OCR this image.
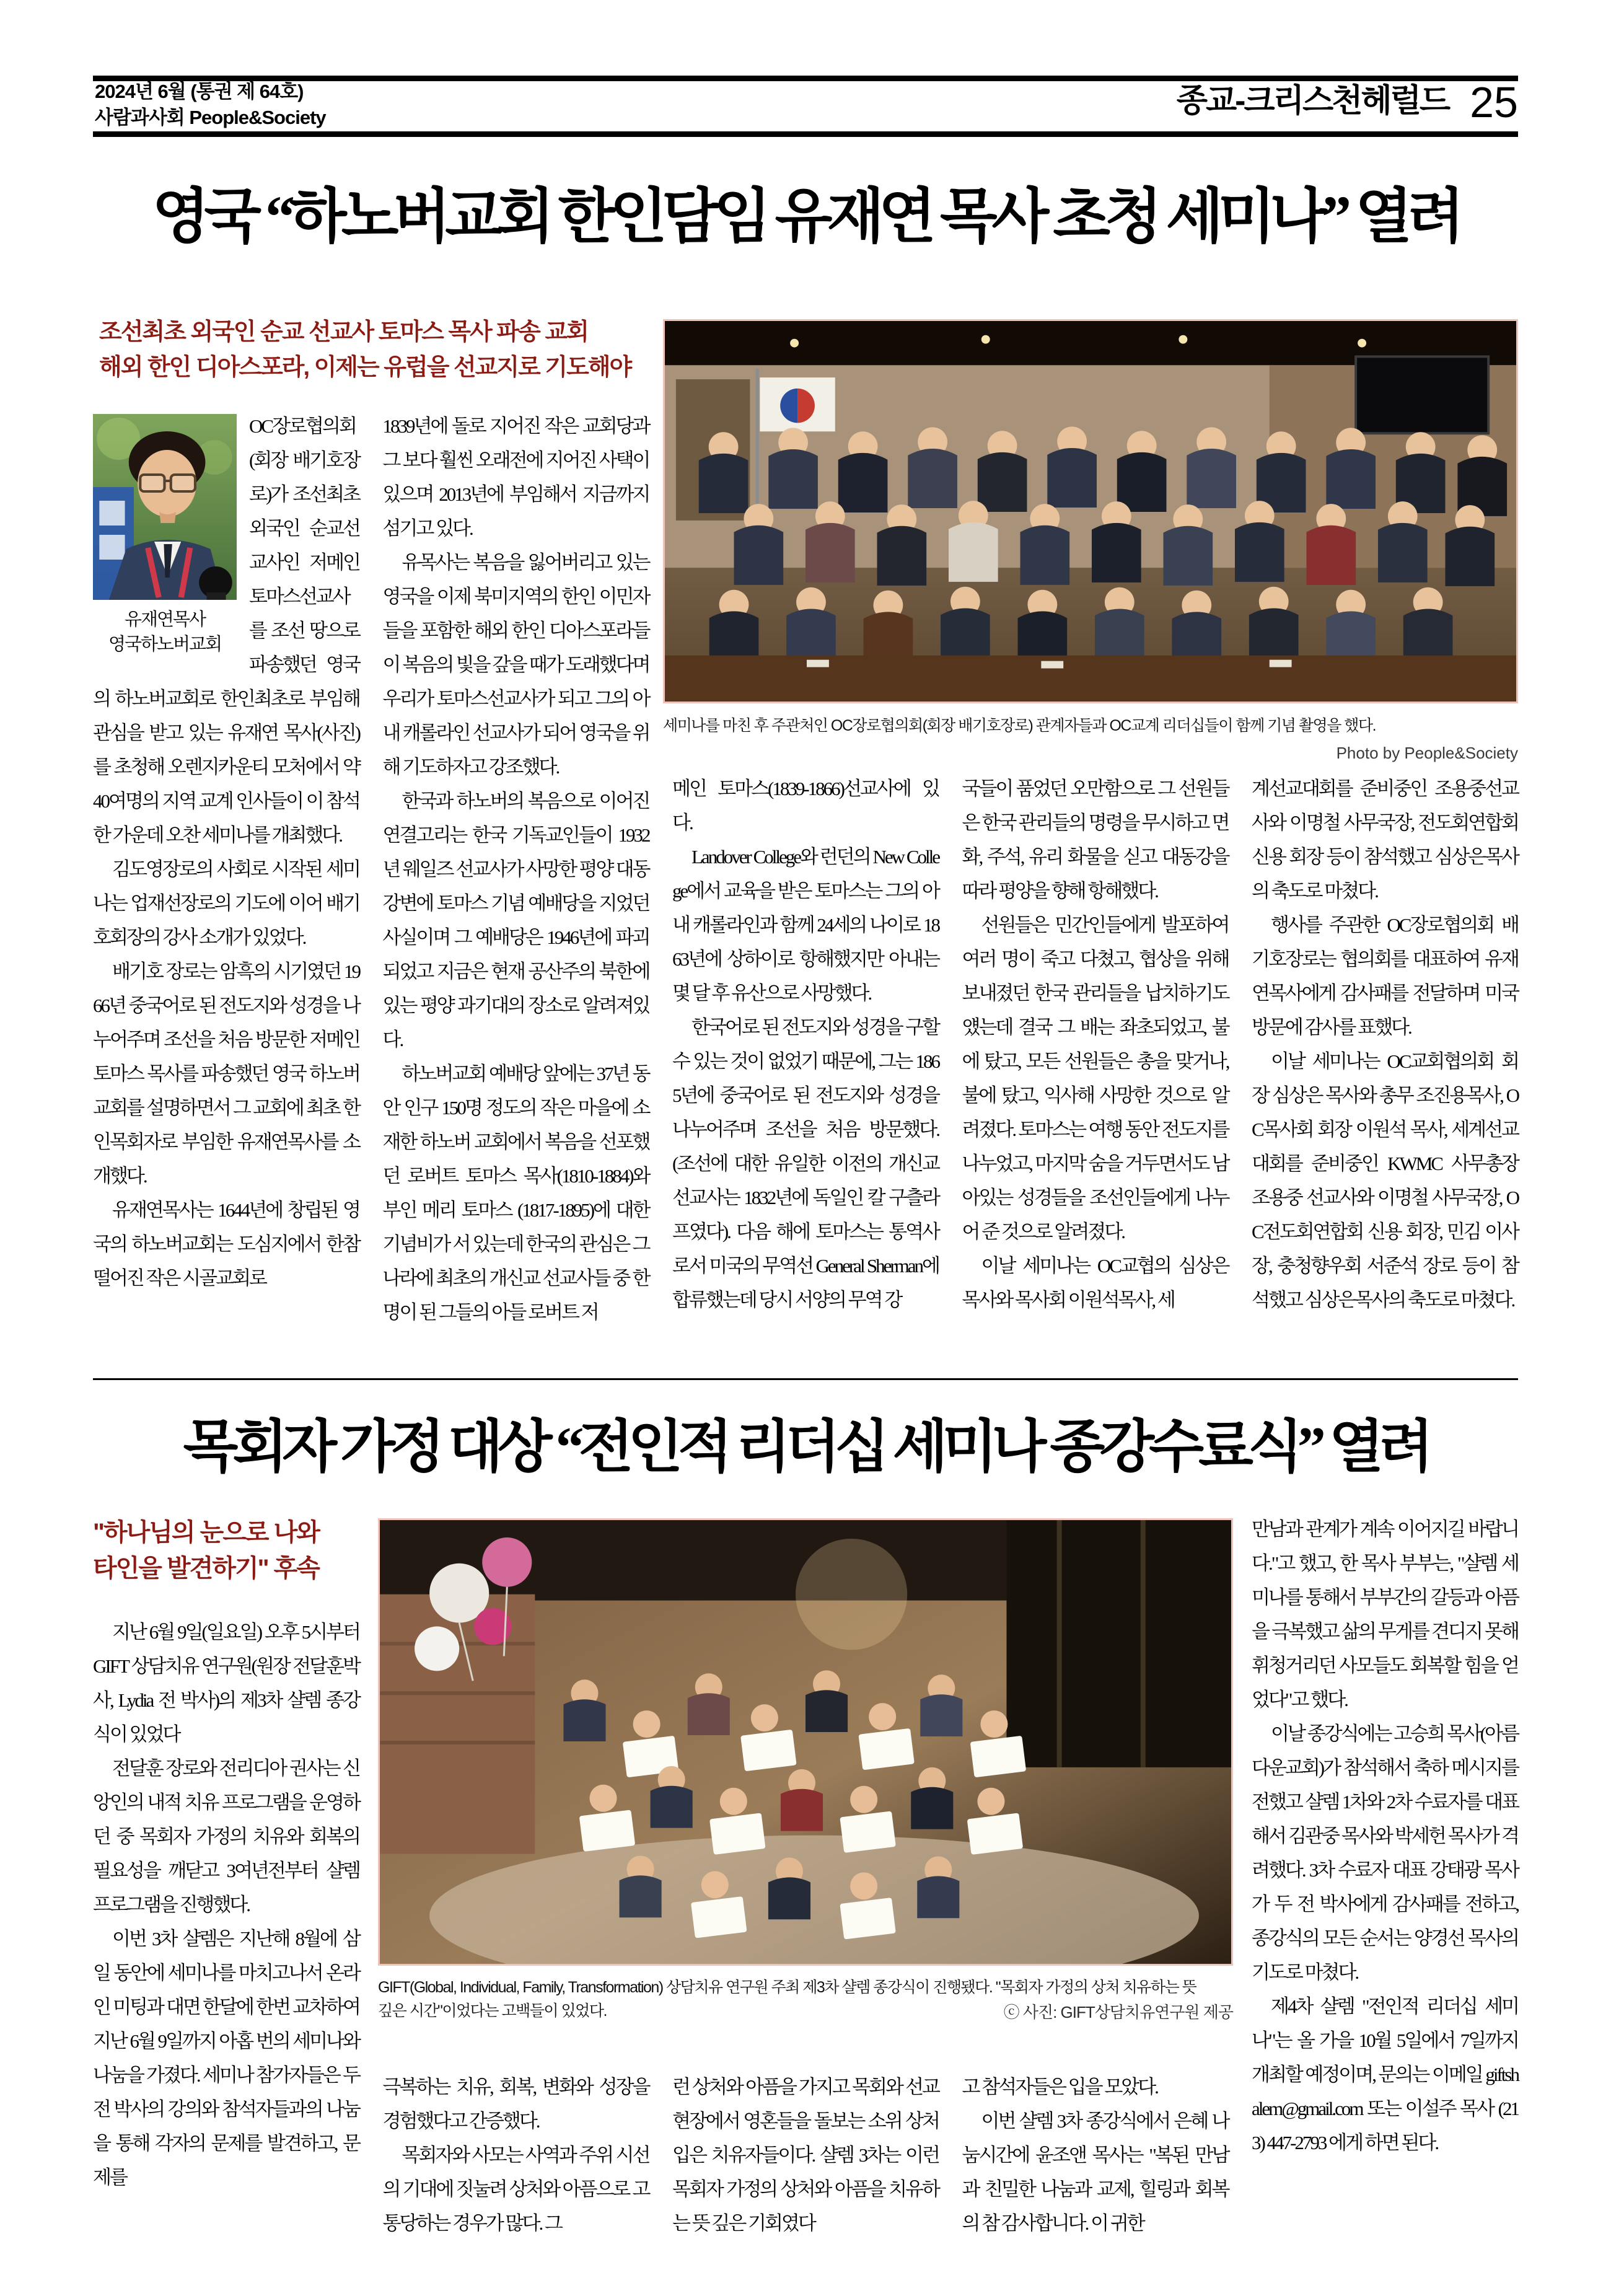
2024년 6월 (통권 제 64호)
사람과사회 People&Society	종교-크리스천헤럴드 25
영국 “하노버교회 한인담임 유재연 목사 초청 세미나” 열려
조선최초 외국인 순교 선교사 토마스 목사 파송 교회
해외 한인 디아스포라, 이제는 유럽을 선교지로 기도해야
세미나를 마친 후 주관처인 OC장로협의회(회장 배기호장로) 관계자들과 OC교계 리더십들이 함께 기념 촬영을 했다.
Photo by People&Society

유재연목사
영국하노버교회
OC장로협의회(회장 배기호장로)가 조선최초 외국인 순교선교사인 저메인 토마스선교사를 조선 땅으로 파송했던 영국의 하노버교회로 한인최초로 부임해 관심을 받고 있는 유재연 목사(사진)를 초청해 오렌지카운티 모처에서 약 40여명의 지역 교계 인사들이 이 참석한 가운데 오찬 세미나를 개최했다.

김도영장로의 사회로 시작된 세미나는 업재선장로의 기도에 이어 배기호회장의 강사 소개가 있었다.

배기호 장로는 암흑의 시기였던 1966년 중국어로 된 전도지와 성경을 나누어주며 조선을 처음 방문한 저메인 토마스 목사를 파송했던 영국 하노버교회를 설명하면서 그 교회에 최초 한인목회자로 부임한 유재연목사를 소개했다.

유재연목사는 1644년에 창립된 영국의 하노버교회는 도심지에서 한참 떨어진 작은 시골교회로

1839년에 돌로 지어진 작은 교회당과 그 보다 훨씬 오래전에 지어진 사택이 있으며 2013년에 부임해서 지금까지 섬기고 있다.

유목사는 복음을 잃어버리고 있는 영국을 이제 북미지역의 한인 이민자들을 포함한 해외 한인 디아스포라들이 복음의 빛을 갚을 때가 도래했다며 우리가 토마스선교사가 되고 그의 아내 캐롤라인 선교사가 되어 영국을 위해 기도하자고 강조했다.

한국과 하노버의 복음으로 이어진 연결고리는 한국 기독교인들이 1932년 웨일즈 선교사가 사망한 평양 대동강변에 토마스 기념 예배당을 지었던 사실이며 그 예배당은 1946년에 파괴되었고 지금은 현재 공산주의 북한에 있는 평양 과기대의 장소로 알려져있다.

하노버교회 예배당 앞에는 37년 동안 인구 150명 정도의 작은 마을에 소재한 하노버 교회에서 복음을 선포했던 로버트 토마스 목사(1810-1884)와 부인 메리 토마스 (1817-1895)에 대한 기념비가 서 있는데 한국의 관심은 그 나라에 최초의 개신교 선교사들 중 한 명이 된 그들의 아들 로버트 저

메인 토마스(1839-1866)선교사에 있다.

Landover College와 런던의 New College에서 교육을 받은 토마스는 그의 아내 캐롤라인과 함께 24세의 나이로 1863년에 상하이로 항해했지만 아내는 몇 달 후 유산으로 사망했다.

한국어로 된 전도지와 성경을 구할 수 있는 것이 없었기 때문에, 그는 1865년에 중국어로 된 전도지와 성경을 나누어주며 조선을 처음 방문했다. (조선에 대한 유일한 이전의 개신교 선교사는 1832년에 독일인 칼 구츨라프였다). 다음 해에 토마스는 통역사로서 미국의 무역선 General Sherman에 합류했는데 당시 서양의 무역 강

국들이 품었던 오만함으로 그 선원들은 한국 관리들의 명령을 무시하고 면화, 주석, 유리 화물을 싣고 대동강을 따라 평양을 향해 항해했다.

선원들은 민간인들에게 발포하여 여러 명이 죽고 다쳤고, 협상을 위해 보내졌던 한국 관리들을 납치하기도 얬는데 결국 그 배는 좌초되었고, 불에 탔고, 모든 선원들은 총을 맞거나, 불에 탔고, 익사해 사망한 것으로 알려졌다. 토마스는 여행 동안 전도지를 나누었고, 마지막 숨을 거두면서도 남아있는 성경들을 조선인들에게 나누어 준 것으로 알려졌다.

이날 세미나는 OC교협의 심상은 목사와 목사회 이원석목사, 세

계선교대회를 준비중인 조용중선교사와 이명철 사무국장, 전도회연합회 신용 회장 등이 참석했고 심상은목사의 축도로 마쳤다.

행사를 주관한 OC장로협의회 배기호장로는 협의회를 대표하여 유재연목사에게 감사패를 전달하며 미국 방문에 감사를 표했다.

이날 세미나는 OC교회협의회 회장 심상은 목사와 총무 조진용목사, OC목사회 회장 이원석 목사, 세계선교대회를 준비중인 KWMC 사무총장 조용중 선교사와 이명철 사무국장, OC전도회연합회 신용 회장, 민김 이사장, 충청향우회 서준석 장로 등이 참석했고 심상은목사의 축도로 마쳤다.

목회자 가정 대상 “전인적 리더십 세미나 종강수료식” 열려
GIFT(Global, Individual, Family, Transformation) 상담치유 연구원 주최 제3차 샬렘 종강식이 진행됐다. "목회자 가정의 상처 치유하는 뜻 깊은 시간"이었다는 고백들이 있었다.	ⓒ 사진: GIFT상담치유연구원 제공
"하나님의 눈으로 나와
타인을 발견하기" 후속

지난 6월 9일(일요일) 오후 5시부터 GIFT 상담치유 연구원(원장 전달훈박사, Lydia 전 박사)의 제3차 샬렘 종강식이 있었다

전달훈 장로와 전리디아 권사는 신앙인의 내적 치유 프로그램을 운영하던 중 목회자 가정의 치유와 회복의 필요성을 깨닫고 3여년전부터 샬렘 프로그램을 진행했다.

이번 3차 샬렘은 지난해 8월에 삼일 동안에 세미나를 마치고나서 온라인 미팅과 대면 한달에 한번 교차하여 지난 6월 9일까지 아홉 번의 세미나와 나눔을 가졌다. 세미나 참가자들은 두 전 박사의 강의와 참석자들과의 나눔을 통해 각자의 문제를 발견하고, 문제를

극복하는 치유, 회복, 변화와 성장을 경험했다고 간증했다.

목회자와 사모는 사역과 주위 시선의 기대에 짓눌려 상처와 아픔으로 고통당하는 경우가 많다. 그

런 상처와 아픔을 가지고 목회와 선교 현장에서 영혼들을 돌보는 소위 상처입은 치유자들이다. 샬렘 3차는 이런 목회자 가정의 상처와 아픔을 치유하는 뜻 깊은 기회였다

고 참석자들은 입을 모았다.

이번 샬렘 3차 종강식에서 은혜 나눔시간에 윤조앤 목사는 "복된 만남과 친밀한 나눔과 교제, 힐링과 회복의 참 감사합니다. 이 귀한

만남과 관계가 계속 이어지길 바랍니다."고 했고, 한 목사 부부는, "샬렘 세미나를 통해서 부부간의 갈등과 아픔을 극복했고 삶의 무게를 견디지 못해 휘청거리던 사모들도 회복할 힘을 얻었다"고 했다.

이날 종강식에는 고승희 목사(아름다운교회)가 참석해서 축하 메시지를 전했고 샬렘 1차와 2차 수료자를 대표해서 김관중 목사와 박세헌 목사가 격려했다. 3차 수료자 대표 강태광 목사가 두 전 박사에게 감사패를 전하고, 종강식의 모든 순서는 양경선 목사의 기도로 마쳤다.

제4차 샬렘 "전인적 리더십 세미나"는 올 가을 10월 5일에서 7일까지 개최할 예정이며, 문의는 이메일 giftshalem@gmail.com 또는 이설주 목사 (213) 447-2793 에게 하면 된다.
